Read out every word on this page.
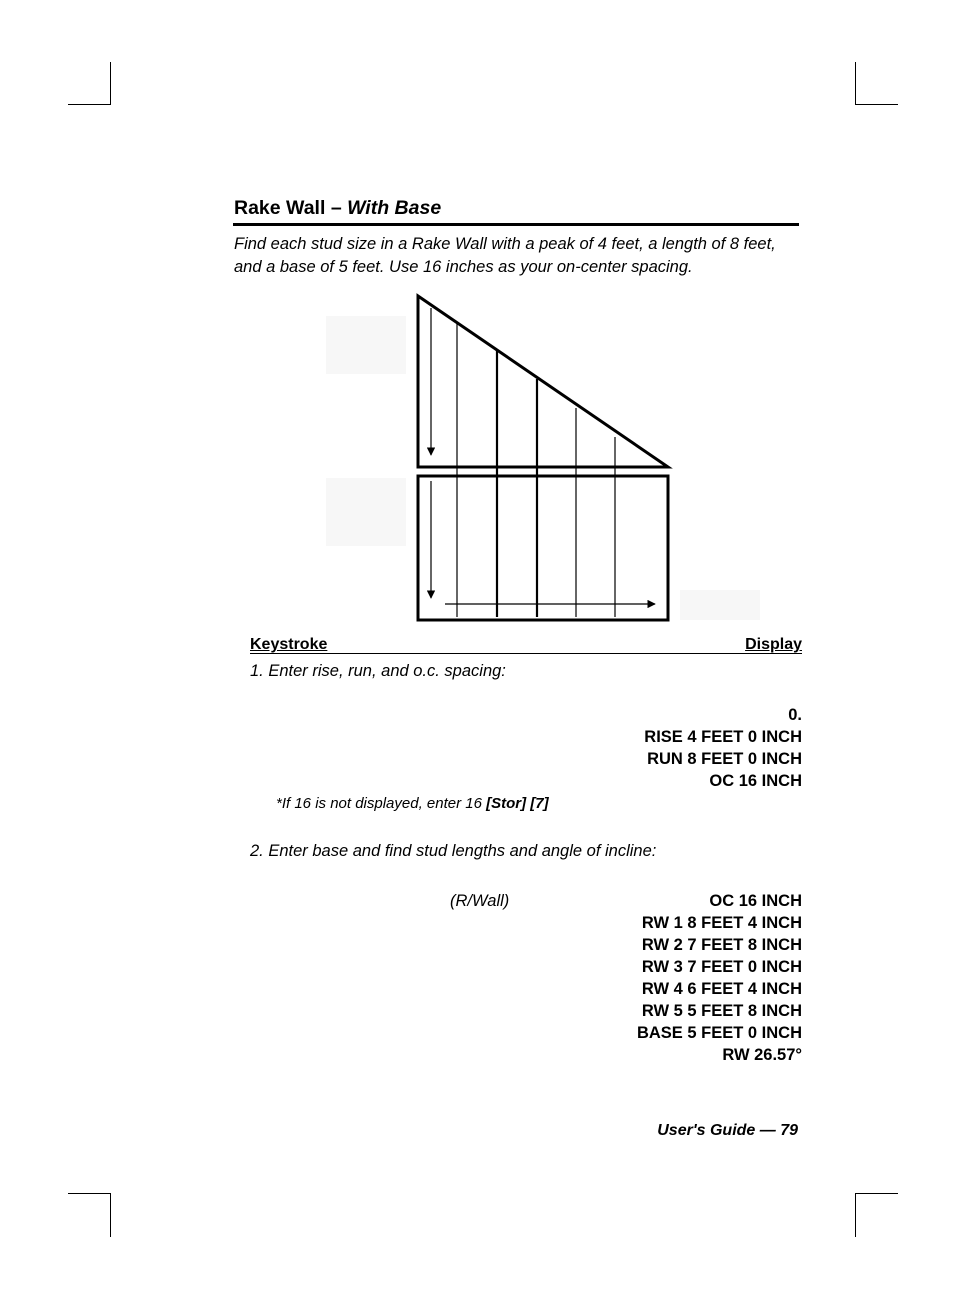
Rake Wall – With Base
Find each stud size in a Rake Wall with a peak of 4 feet, a length of 8 feet, and a base of 5 feet. Use 16 inches as your on-center spacing.
Keystroke	Display
1. Enter rise, run, and o.c. spacing:
0.
RISE 4 FEET 0 INCH
RUN 8 FEET 0 INCH
OC 16 INCH
*If 16 is not displayed, enter 16 [Stor] [7]
2. Enter base and find stud lengths and angle of incline:
(R/Wall)	OC 16 INCH
RW 1 8 FEET 4 INCH
RW 2 7 FEET 8 INCH
RW 3 7 FEET 0 INCH
RW 4 6 FEET 4 INCH
RW 5 5 FEET 8 INCH
BASE 5 FEET 0 INCH
RW 26.57°
User's Guide — 79
